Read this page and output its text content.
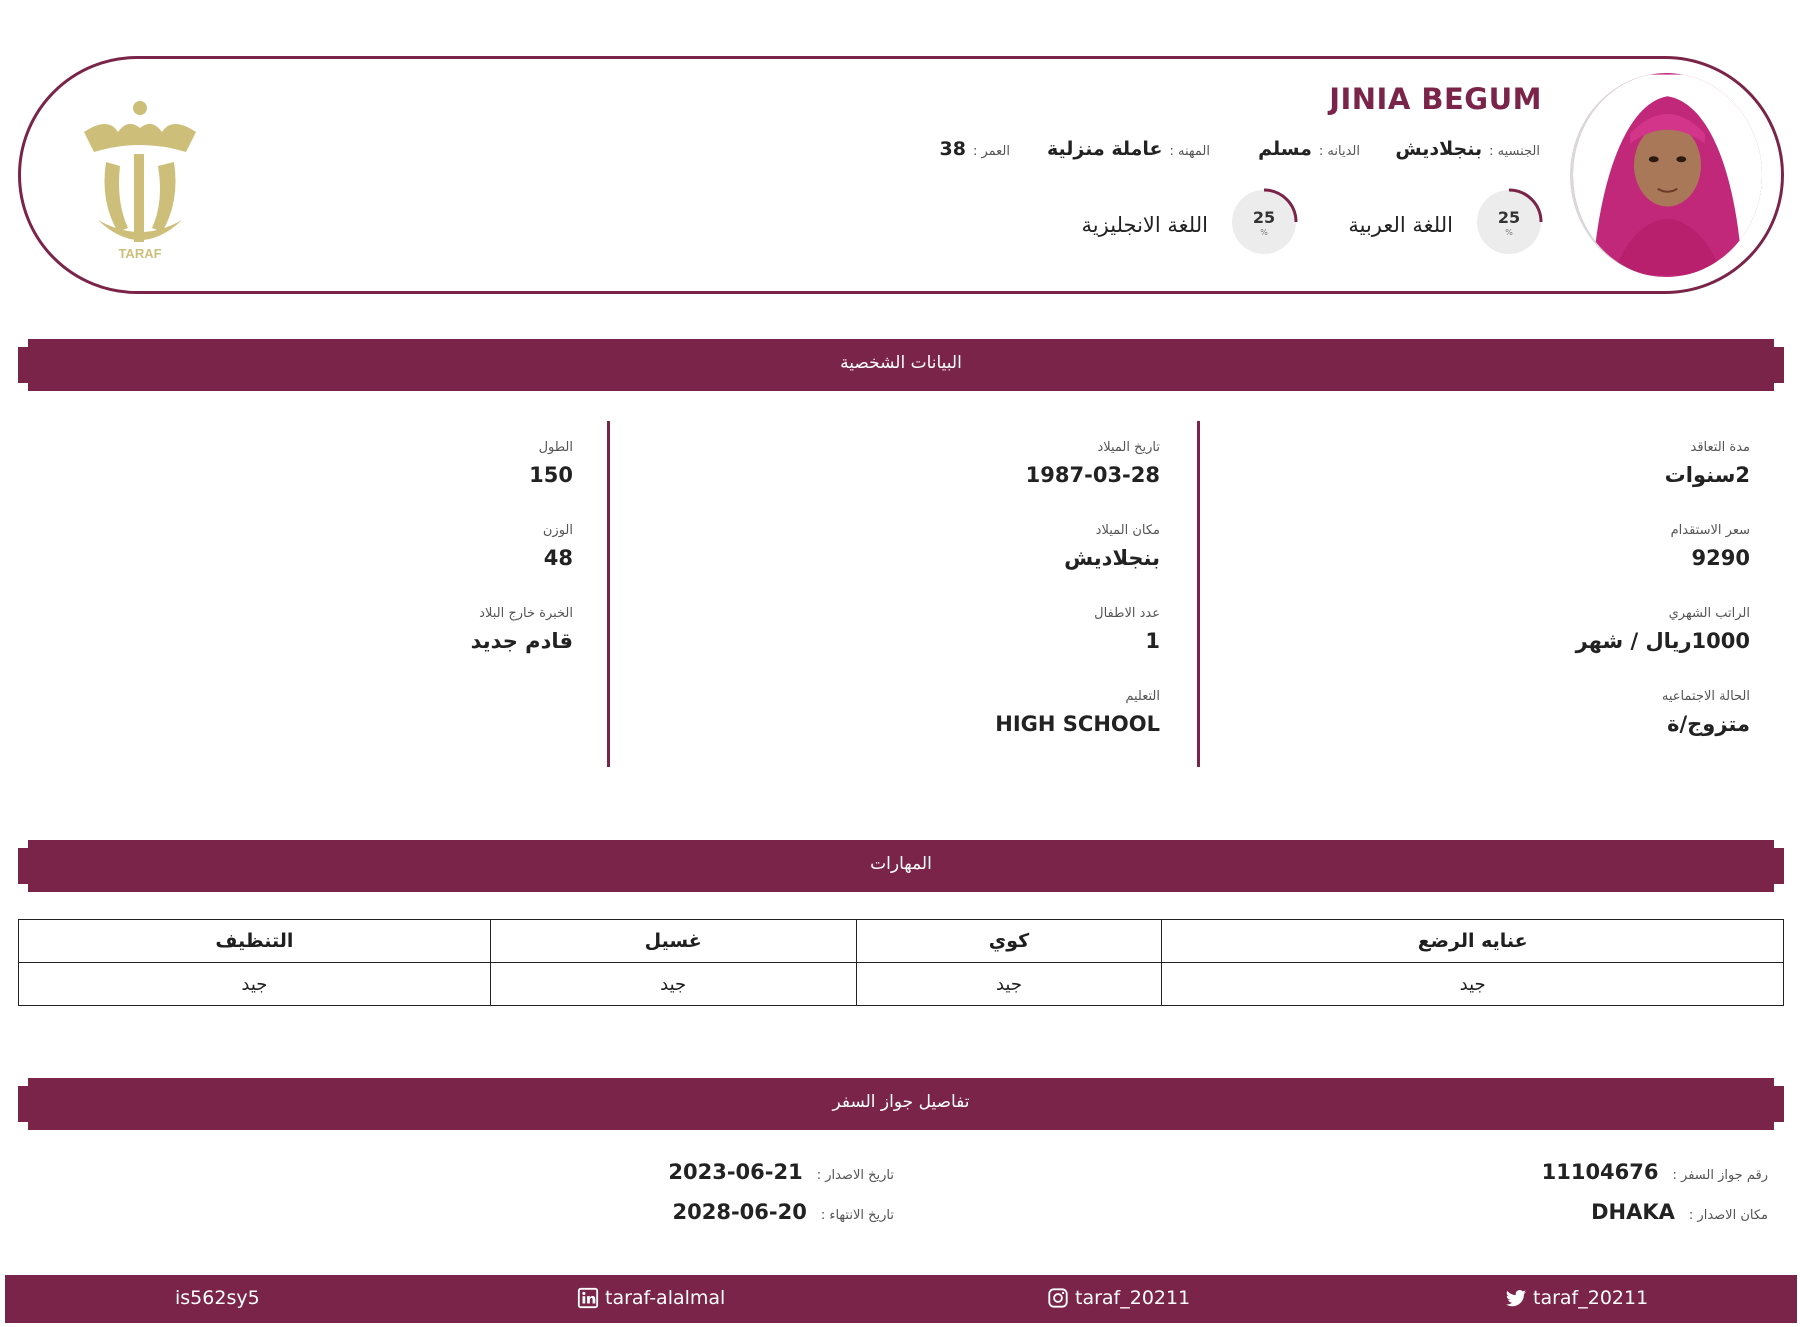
JINIA BEGUM
الجنسيه :
بنجلاديش
الديانه :
مسلم
المهنه :
عاملة منزلية
العمر :
38
25
%
اللغة العربية
25
%
اللغة الانجليزية
TARAF
البيانات الشخصية
مدة التعاقد
2سنوات
سعر الاستقدام
9290
الراتب الشهري
1000ريال / شهر
الحالة الاجتماعيه
متزوج/ة
تاريخ الميلاد
1987-03-28
مكان الميلاد
بنجلاديش
عدد الاطفال
1
التعليم
HIGH SCHOOL
الطول
150
الوزن
48
الخبرة خارج البلاد
قادم جديد
المهارات
عنايه الرضع	كوي	غسيل	التنظيف
جيد	جيد	جيد	جيد
تفاصيل جواز السفر
رقم جواز السفر :
11104676
مكان الاصدار :
DHAKA
تاريخ الاصدار :
2023-06-21
تاريخ الانتهاء :
2028-06-20
is562sy5	taraf-alalmal	taraf_20211	taraf_20211
